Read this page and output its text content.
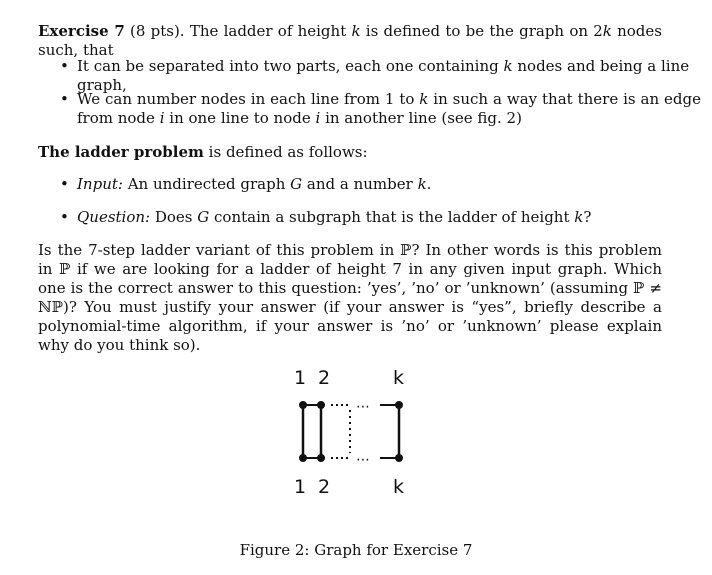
Exercise 7 (8 pts). The ladder of height k is defined to be the graph on 2k nodes such, that

• It can be separated into two parts, each one containing k nodes and being a line graph,
• We can number nodes in each line from 1 to k in such a way that there is an edge from node i in one line to node i in another line (see fig. 2)

The ladder problem is defined as follows:

• Input: An undirected graph G and a number k.
• Question: Does G contain a subgraph that is the ladder of height k?

Is the 7-step ladder variant of this problem in ℙ? In other words is this problem in ℙ if we are looking for a ladder of height 7 in any given input graph. Which one is the correct answer to this question: ’yes’, ’no’ or ’unknown’ (assuming ℙ ≠ ℕℙ)? You must justify your answer (if your answer is “yes”, briefly describe a polynomial-time algorithm, if your answer is ’no’ or ’unknown’ please explain why do you think so).

1 2	k
⋯
⋯
1 2	k
Figure 2: Graph for Exercise 7
